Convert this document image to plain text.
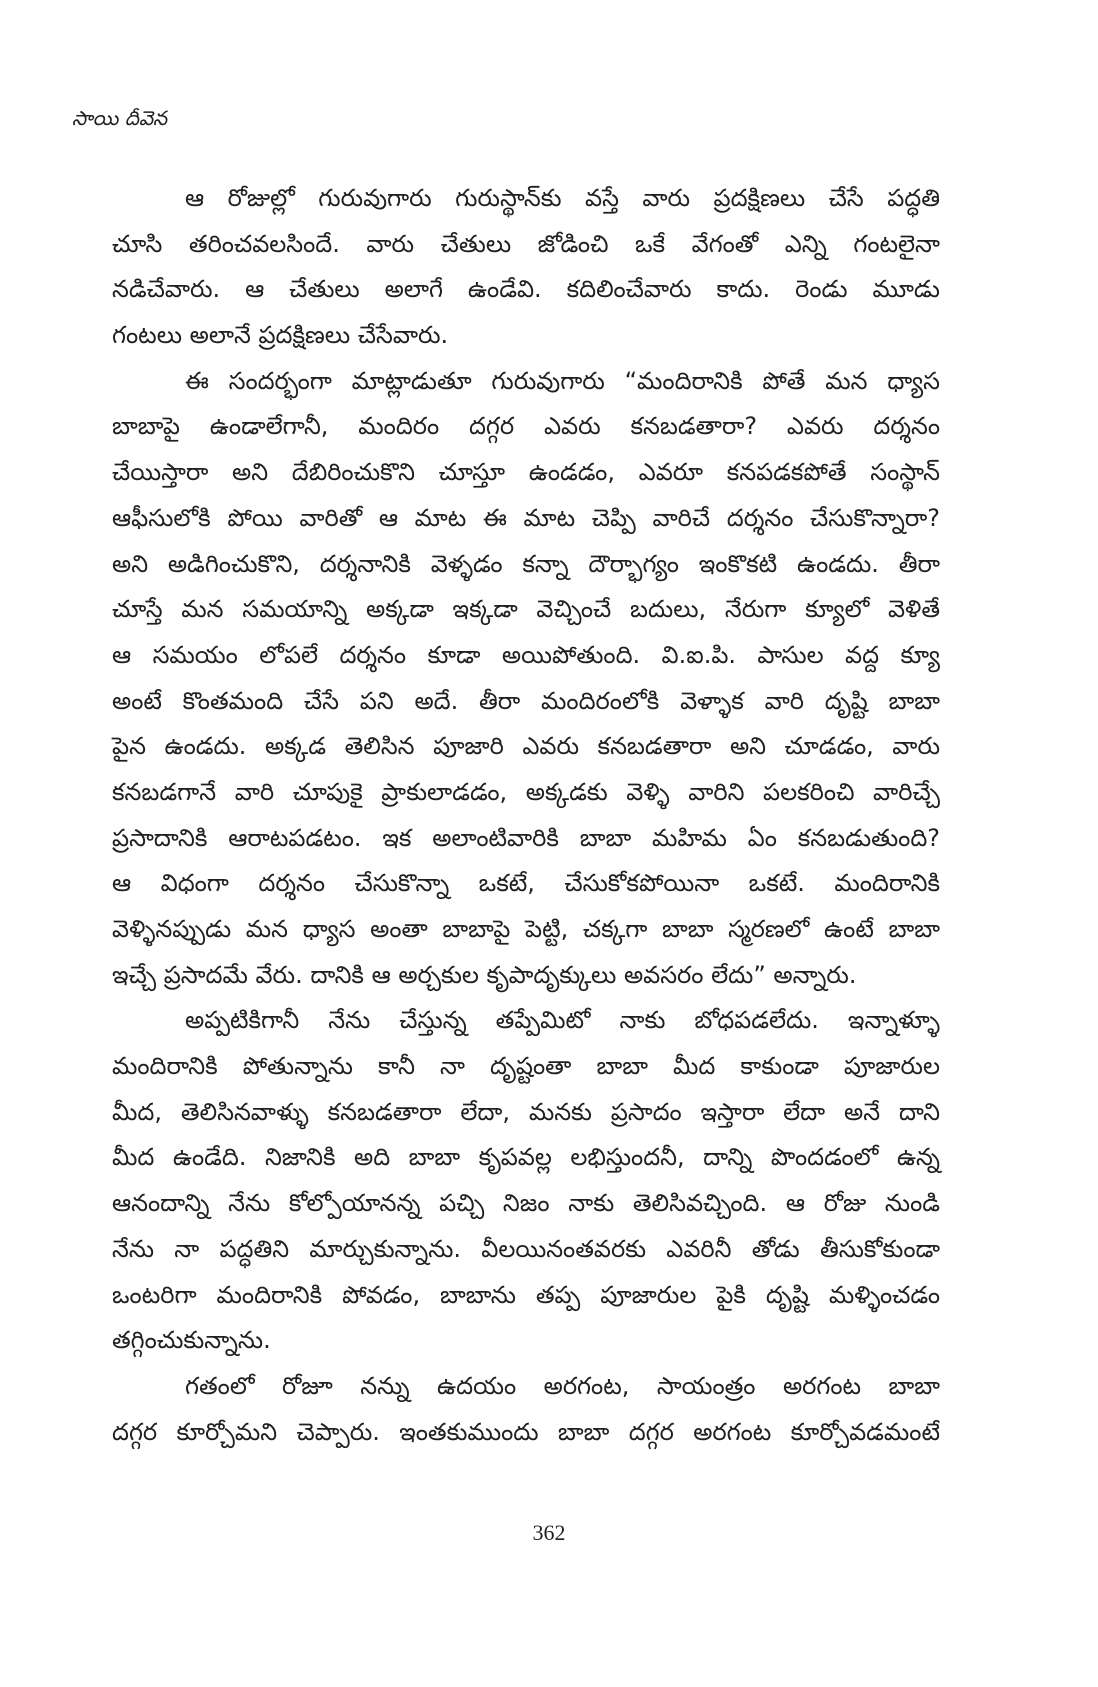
సాయి దీవెన
ఆ రోజుల్లో గురువుగారు గురుస్థాన్‌కు వస్తే వారు ప్రదక్షిణలు చేసే పద్ధతి
చూసి తరించవలసిందే. వారు చేతులు జోడించి ఒకే వేగంతో ఎన్ని గంటలైనా
నడిచేవారు. ఆ చేతులు అలాగే ఉండేవి. కదిలించేవారు కాదు. రెండు మూడు
గంటలు అలానే ప్రదక్షిణలు చేసేవారు.
ఈ సందర్భంగా మాట్లాడుతూ గురువుగారు “మందిరానికి పోతే మన ధ్యాస
బాబాపై ఉండాలేగానీ, మందిరం దగ్గర ఎవరు కనబడతారా? ఎవరు దర్శనం
చేయిస్తారా అని దేబిరించుకొని చూస్తూ ఉండడం, ఎవరూ కనపడకపోతే సంస్థాన్
ఆఫీసులోకి పోయి వారితో ఆ మాట ఈ మాట చెప్పి వారిచే దర్శనం చేసుకొన్నారా?
అని అడిగించుకొని, దర్శనానికి వెళ్ళడం కన్నా దౌర్భాగ్యం ఇంకొకటి ఉండదు. తీరా
చూస్తే మన సమయాన్ని అక్కడా ఇక్కడా వెచ్చించే బదులు, నేరుగా క్యూలో వెళితే
ఆ సమయం లోపలే దర్శనం కూడా అయిపోతుంది. వి.ఐ.పి. పాసుల వద్ద క్యూ
అంటే కొంతమంది చేసే పని అదే. తీరా మందిరంలోకి వెళ్ళాక వారి దృష్టి బాబా
పైన ఉండదు. అక్కడ తెలిసిన పూజారి ఎవరు కనబడతారా అని చూడడం, వారు
కనబడగానే వారి చూపుకై ప్రాకులాడడం, అక్కడకు వెళ్ళి వారిని పలకరించి వారిచ్చే
ప్రసాదానికి ఆరాటపడటం. ఇక అలాంటివారికి బాబా మహిమ ఏం కనబడుతుంది?
ఆ విధంగా దర్శనం చేసుకొన్నా ఒకటే, చేసుకోకపోయినా ఒకటే. మందిరానికి
వెళ్ళినప్పుడు మన ధ్యాస అంతా బాబాపై పెట్టి, చక్కగా బాబా స్మరణలో ఉంటే బాబా
ఇచ్చే ప్రసాదమే వేరు. దానికి ఆ అర్చకుల కృపాదృక్కులు అవసరం లేదు” అన్నారు.
అప్పటికిగానీ నేను చేస్తున్న తప్పేమిటో నాకు బోధపడలేదు. ఇన్నాళ్ళూ
మందిరానికి పోతున్నాను కానీ నా దృష్టంతా బాబా మీద కాకుండా పూజారుల
మీద, తెలిసినవాళ్ళు కనబడతారా లేదా, మనకు ప్రసాదం ఇస్తారా లేదా అనే దాని
మీద ఉండేది. నిజానికి అది బాబా కృపవల్ల లభిస్తుందనీ, దాన్ని పొందడంలో ఉన్న
ఆనందాన్ని నేను కోల్పోయానన్న పచ్చి నిజం నాకు తెలిసివచ్చింది. ఆ రోజు నుండి
నేను నా పద్ధతిని మార్చుకున్నాను. వీలయినంతవరకు ఎవరినీ తోడు తీసుకోకుండా
ఒంటరిగా మందిరానికి పోవడం, బాబాను తప్ప పూజారుల పైకి దృష్టి మళ్ళించడం
తగ్గించుకున్నాను.
గతంలో రోజూ నన్ను ఉదయం అరగంట, సాయంత్రం అరగంట బాబా
దగ్గర కూర్చోమని చెప్పారు. ఇంతకుముందు బాబా దగ్గర అరగంట కూర్చోవడమంటే
362
